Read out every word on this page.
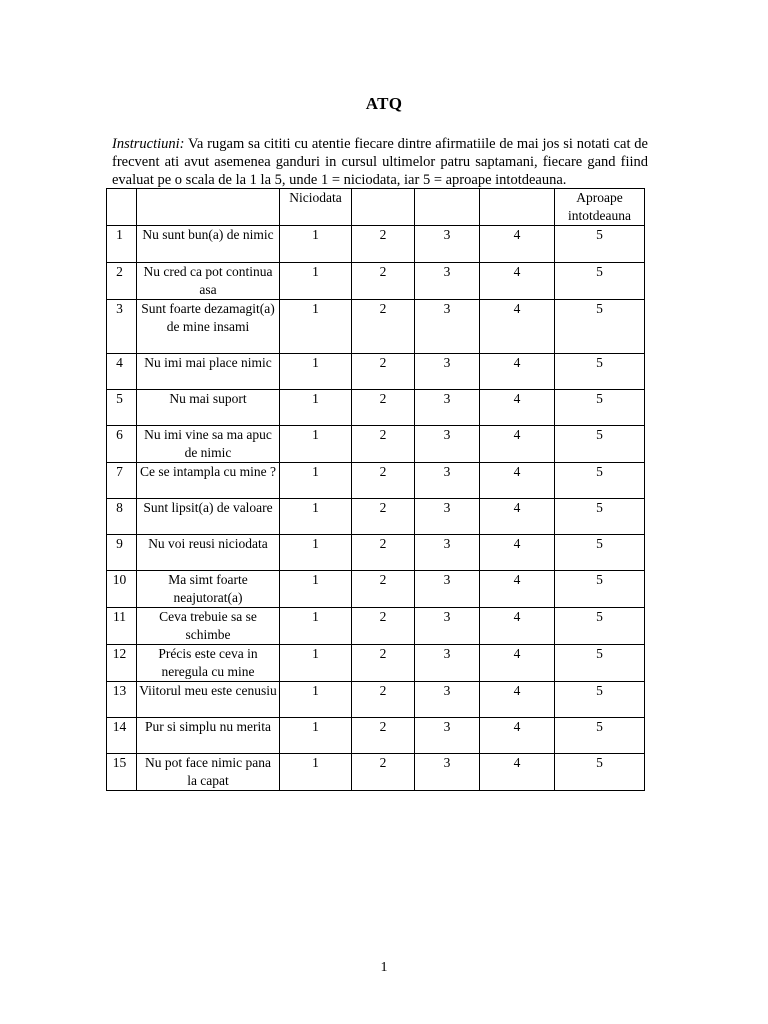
ATQ
Instructiuni: Va rugam sa cititi cu atentie fiecare dintre afirmatiile de mai jos si notati cat de frecvent ati avut asemenea ganduri in cursul ultimelor patru saptamani, fiecare gand fiind evaluat pe o scala de la 1 la 5, unde 1 = niciodata, iar 5 = aproape intotdeauna.
		Niciodata				Aproape intotdeauna
1	Nu sunt bun(a) de nimic	1	2	3	4	5
2	Nu cred ca pot continua asa	1	2	3	4	5
3	Sunt foarte dezamagit(a) de mine insami	1	2	3	4	5
4	Nu imi mai place nimic	1	2	3	4	5
5	Nu mai suport	1	2	3	4	5
6	Nu imi vine sa ma apuc de nimic	1	2	3	4	5
7	Ce se intampla cu mine ?	1	2	3	4	5
8	Sunt lipsit(a) de valoare	1	2	3	4	5
9	Nu voi reusi niciodata	1	2	3	4	5
10	Ma simt foarte neajutorat(a)	1	2	3	4	5
11	Ceva trebuie sa se schimbe	1	2	3	4	5
12	Précis este ceva in neregula cu mine	1	2	3	4	5
13	Viitorul meu este cenusiu	1	2	3	4	5
14	Pur si simplu nu merita	1	2	3	4	5
15	Nu pot face nimic pana la capat	1	2	3	4	5
1
